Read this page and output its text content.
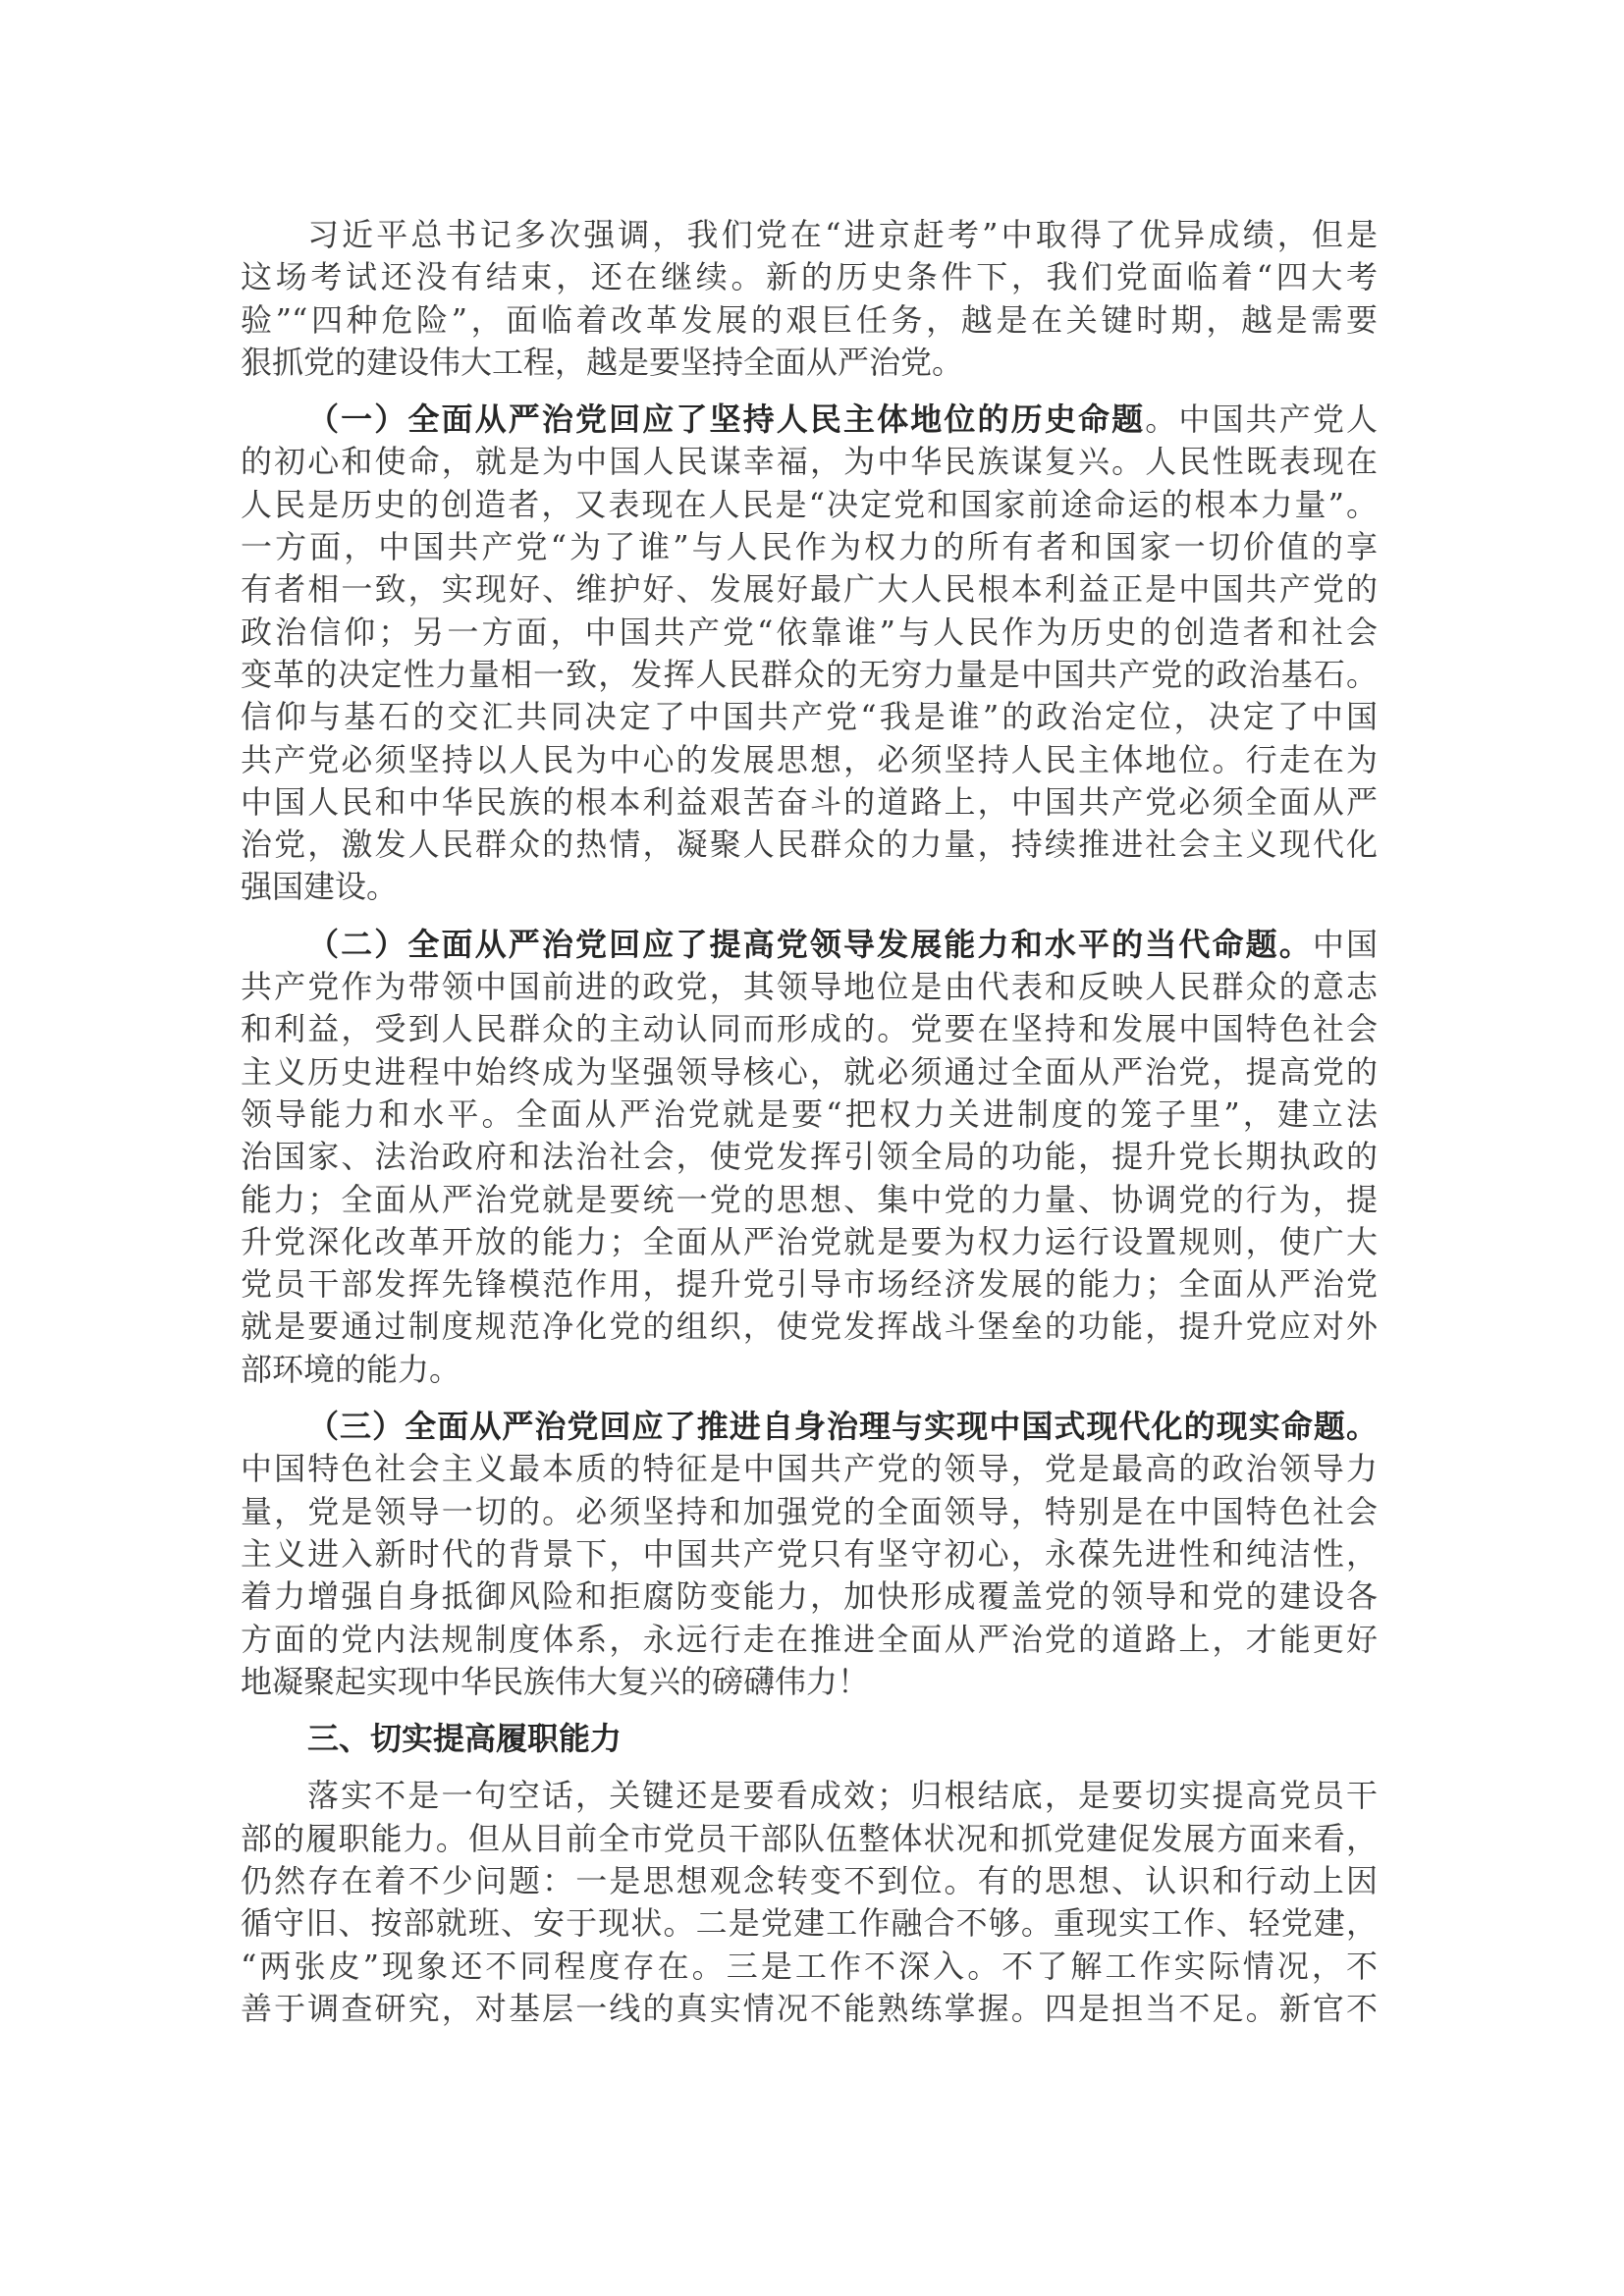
习近平总书记多次强调，我们党在“进京赶考”中取得了优异成绩，但是
这场考试还没有结束，还在继续。新的历史条件下，我们党面临着“四大考
验”“四种危险”，面临着改革发展的艰巨任务，越是在关键时期，越是需要
狠抓党的建设伟大工程，越是要坚持全面从严治党。
（一）全面从严治党回应了坚持人民主体地位的历史命题。中国共产党人
的初心和使命，就是为中国人民谋幸福，为中华民族谋复兴。人民性既表现在
人民是历史的创造者，又表现在人民是“决定党和国家前途命运的根本力量”。
一方面，中国共产党“为了谁”与人民作为权力的所有者和国家一切价值的享
有者相一致，实现好、维护好、发展好最广大人民根本利益正是中国共产党的
政治信仰；另一方面，中国共产党“依靠谁”与人民作为历史的创造者和社会
变革的决定性力量相一致，发挥人民群众的无穷力量是中国共产党的政治基石。
信仰与基石的交汇共同决定了中国共产党“我是谁”的政治定位，决定了中国
共产党必须坚持以人民为中心的发展思想，必须坚持人民主体地位。行走在为
中国人民和中华民族的根本利益艰苦奋斗的道路上，中国共产党必须全面从严
治党，激发人民群众的热情，凝聚人民群众的力量，持续推进社会主义现代化
强国建设。
（二）全面从严治党回应了提高党领导发展能力和水平的当代命题。中国
共产党作为带领中国前进的政党，其领导地位是由代表和反映人民群众的意志
和利益，受到人民群众的主动认同而形成的。党要在坚持和发展中国特色社会
主义历史进程中始终成为坚强领导核心，就必须通过全面从严治党，提高党的
领导能力和水平。全面从严治党就是要“把权力关进制度的笼子里”，建立法
治国家、法治政府和法治社会，使党发挥引领全局的功能，提升党长期执政的
能力；全面从严治党就是要统一党的思想、集中党的力量、协调党的行为，提
升党深化改革开放的能力；全面从严治党就是要为权力运行设置规则，使广大
党员干部发挥先锋模范作用，提升党引导市场经济发展的能力；全面从严治党
就是要通过制度规范净化党的组织，使党发挥战斗堡垒的功能，提升党应对外
部环境的能力。
（三）全面从严治党回应了推进自身治理与实现中国式现代化的现实命题。
中国特色社会主义最本质的特征是中国共产党的领导，党是最高的政治领导力
量，党是领导一切的。必须坚持和加强党的全面领导，特别是在中国特色社会
主义进入新时代的背景下，中国共产党只有坚守初心，永葆先进性和纯洁性，
着力增强自身抵御风险和拒腐防变能力，加快形成覆盖党的领导和党的建设各
方面的党内法规制度体系，永远行走在推进全面从严治党的道路上，才能更好
地凝聚起实现中华民族伟大复兴的磅礴伟力！
三、切实提高履职能力
落实不是一句空话，关键还是要看成效；归根结底，是要切实提高党员干
部的履职能力。但从目前全市党员干部队伍整体状况和抓党建促发展方面来看，
仍然存在着不少问题：一是思想观念转变不到位。有的思想、认识和行动上因
循守旧、按部就班、安于现状。二是党建工作融合不够。重现实工作、轻党建，
“两张皮”现象还不同程度存在。三是工作不深入。不了解工作实际情况，不
善于调查研究，对基层一线的真实情况不能熟练掌握。四是担当不足。新官不
